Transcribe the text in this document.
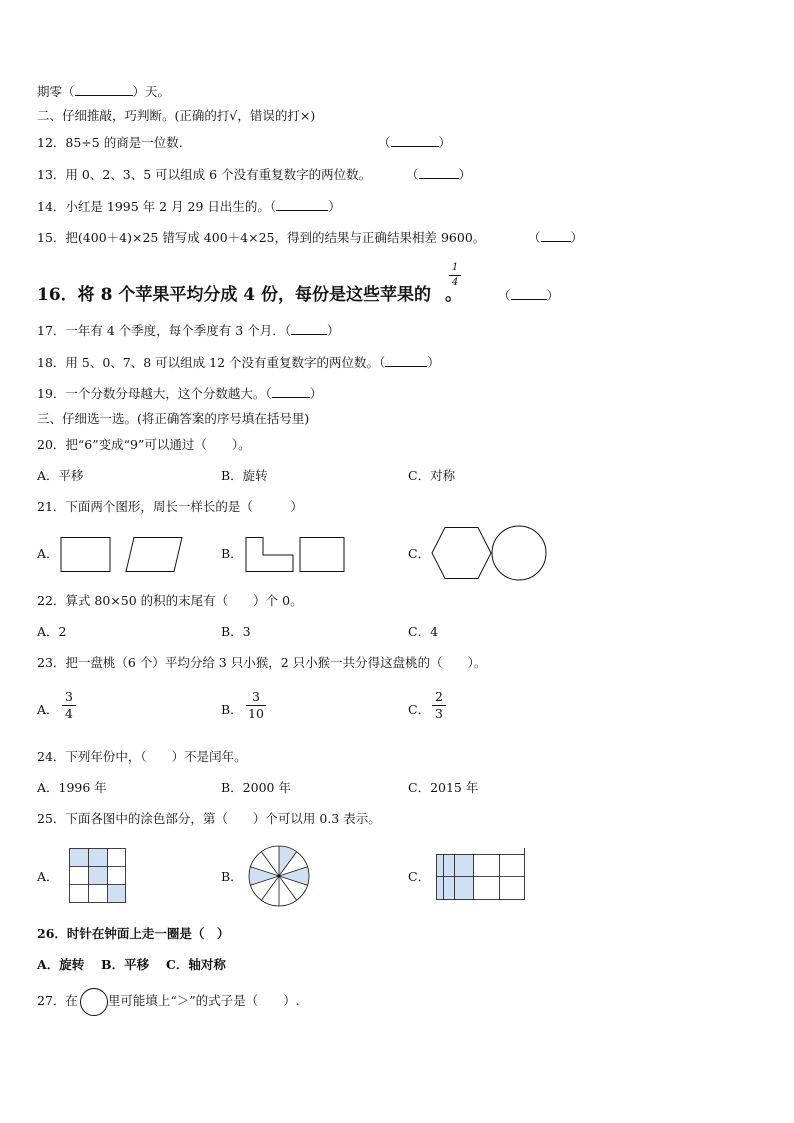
期零（	）天。
二、仔细推敲，巧判断。(正确的打√，错误的打×)
12．85÷5 的商是一位数．	（	）
13．用 0、2、3、5 可以组成 6 个没有重复数字的两位数。	（	）
14．小红是 1995 年 2 月 29 日出生的。（	）
15．把(400＋4)×25 错写成 400＋4×25，得到的结果与正确结果相差 9600。	（ ）
16．将 8 个苹果平均分成 4 份，每份是这些苹果的 。
1
4
（	）
17．一年有 4 个季度，每个季度有 3 个月．（	）
18．用 5、0、7、8 可以组成 12 个没有重复数字的两位数。（	）
19．一个分数分母越大，这个分数越大。（	）
三、仔细选一选。(将正确答案的序号填在括号里)
20．把“6”变成“9”可以通过（　　）。
A．平移	B．旋转	C．对称
21．下面两个图形，周长一样长的是（　　　）
A．	B．	C．
22．算式 80×50 的积的末尾有（　　）个 0。
A．2	B．3	C．4
23．把一盘桃（6 个）平均分给 3 只小猴，2 只小猴一共分得这盘桃的（　　）。
A．
3
4	B．
3
10	C．
2
3
24．下列年份中，（　　）不是闰年。
A．1996 年	B．2000 年	C．2015 年
25．下面各图中的涂色部分，第（　　）个可以用 0.3 表示。
A．	B．	C．
26．时针在钟面上走一圈是（　）
A．旋转　 B．平移　 C．轴对称
27．在 里可能填上“＞”的式子是（　　）.
